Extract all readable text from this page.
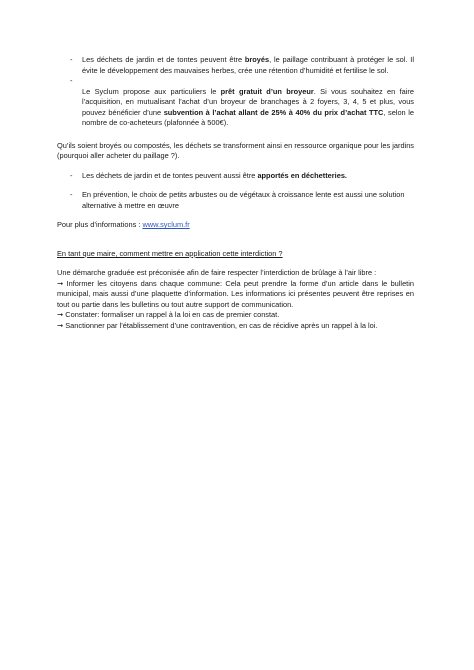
-	Les déchets de jardin et de tontes peuvent être broyés, le paillage contribuant à protéger le sol. Il évite le développement des mauvaises herbes, crée une rétention d’humidité et fertilise le sol.
-

Le Syclum propose aux particuliers le prêt gratuit d’un broyeur. Si vous souhaitez en faire l’acquisition, en mutualisant l’achat d’un broyeur de branchages à 2 foyers, 3, 4, 5 et plus, vous pouvez bénéficier d’une subvention à l’achat allant de 25% à 40% du prix d’achat TTC, selon le nombre de co-acheteurs (plafonnée à 500€).

Qu’ils soient broyés ou compostés, les déchets se transforment ainsi en ressource organique pour les jardins (pourquoi aller acheter du paillage ?).

-	Les déchets de jardin et de tontes peuvent aussi être apportés en déchetteries.
-	En prévention, le choix de petits arbustes ou de végétaux à croissance lente est aussi une solution alternative à mettre en œuvre

Pour plus d’informations : www.syclum.fr

En tant que maire, comment mettre en application cette interdiction ?

Une démarche graduée est préconisée afin de faire respecter l’interdiction de brûlage à l’air libre :

➞ Informer les citoyens dans chaque commune: Cela peut prendre la forme d’un article dans le bulletin municipal, mais aussi d’une plaquette d’information. Les informations ici présentes peuvent être reprises en tout ou partie dans les bulletins ou tout autre support de communication.

➞ Constater: formaliser un rappel à la loi en cas de premier constat.

➞ Sanctionner par l’établissement d’une contravention, en cas de récidive après un rappel à la loi.
